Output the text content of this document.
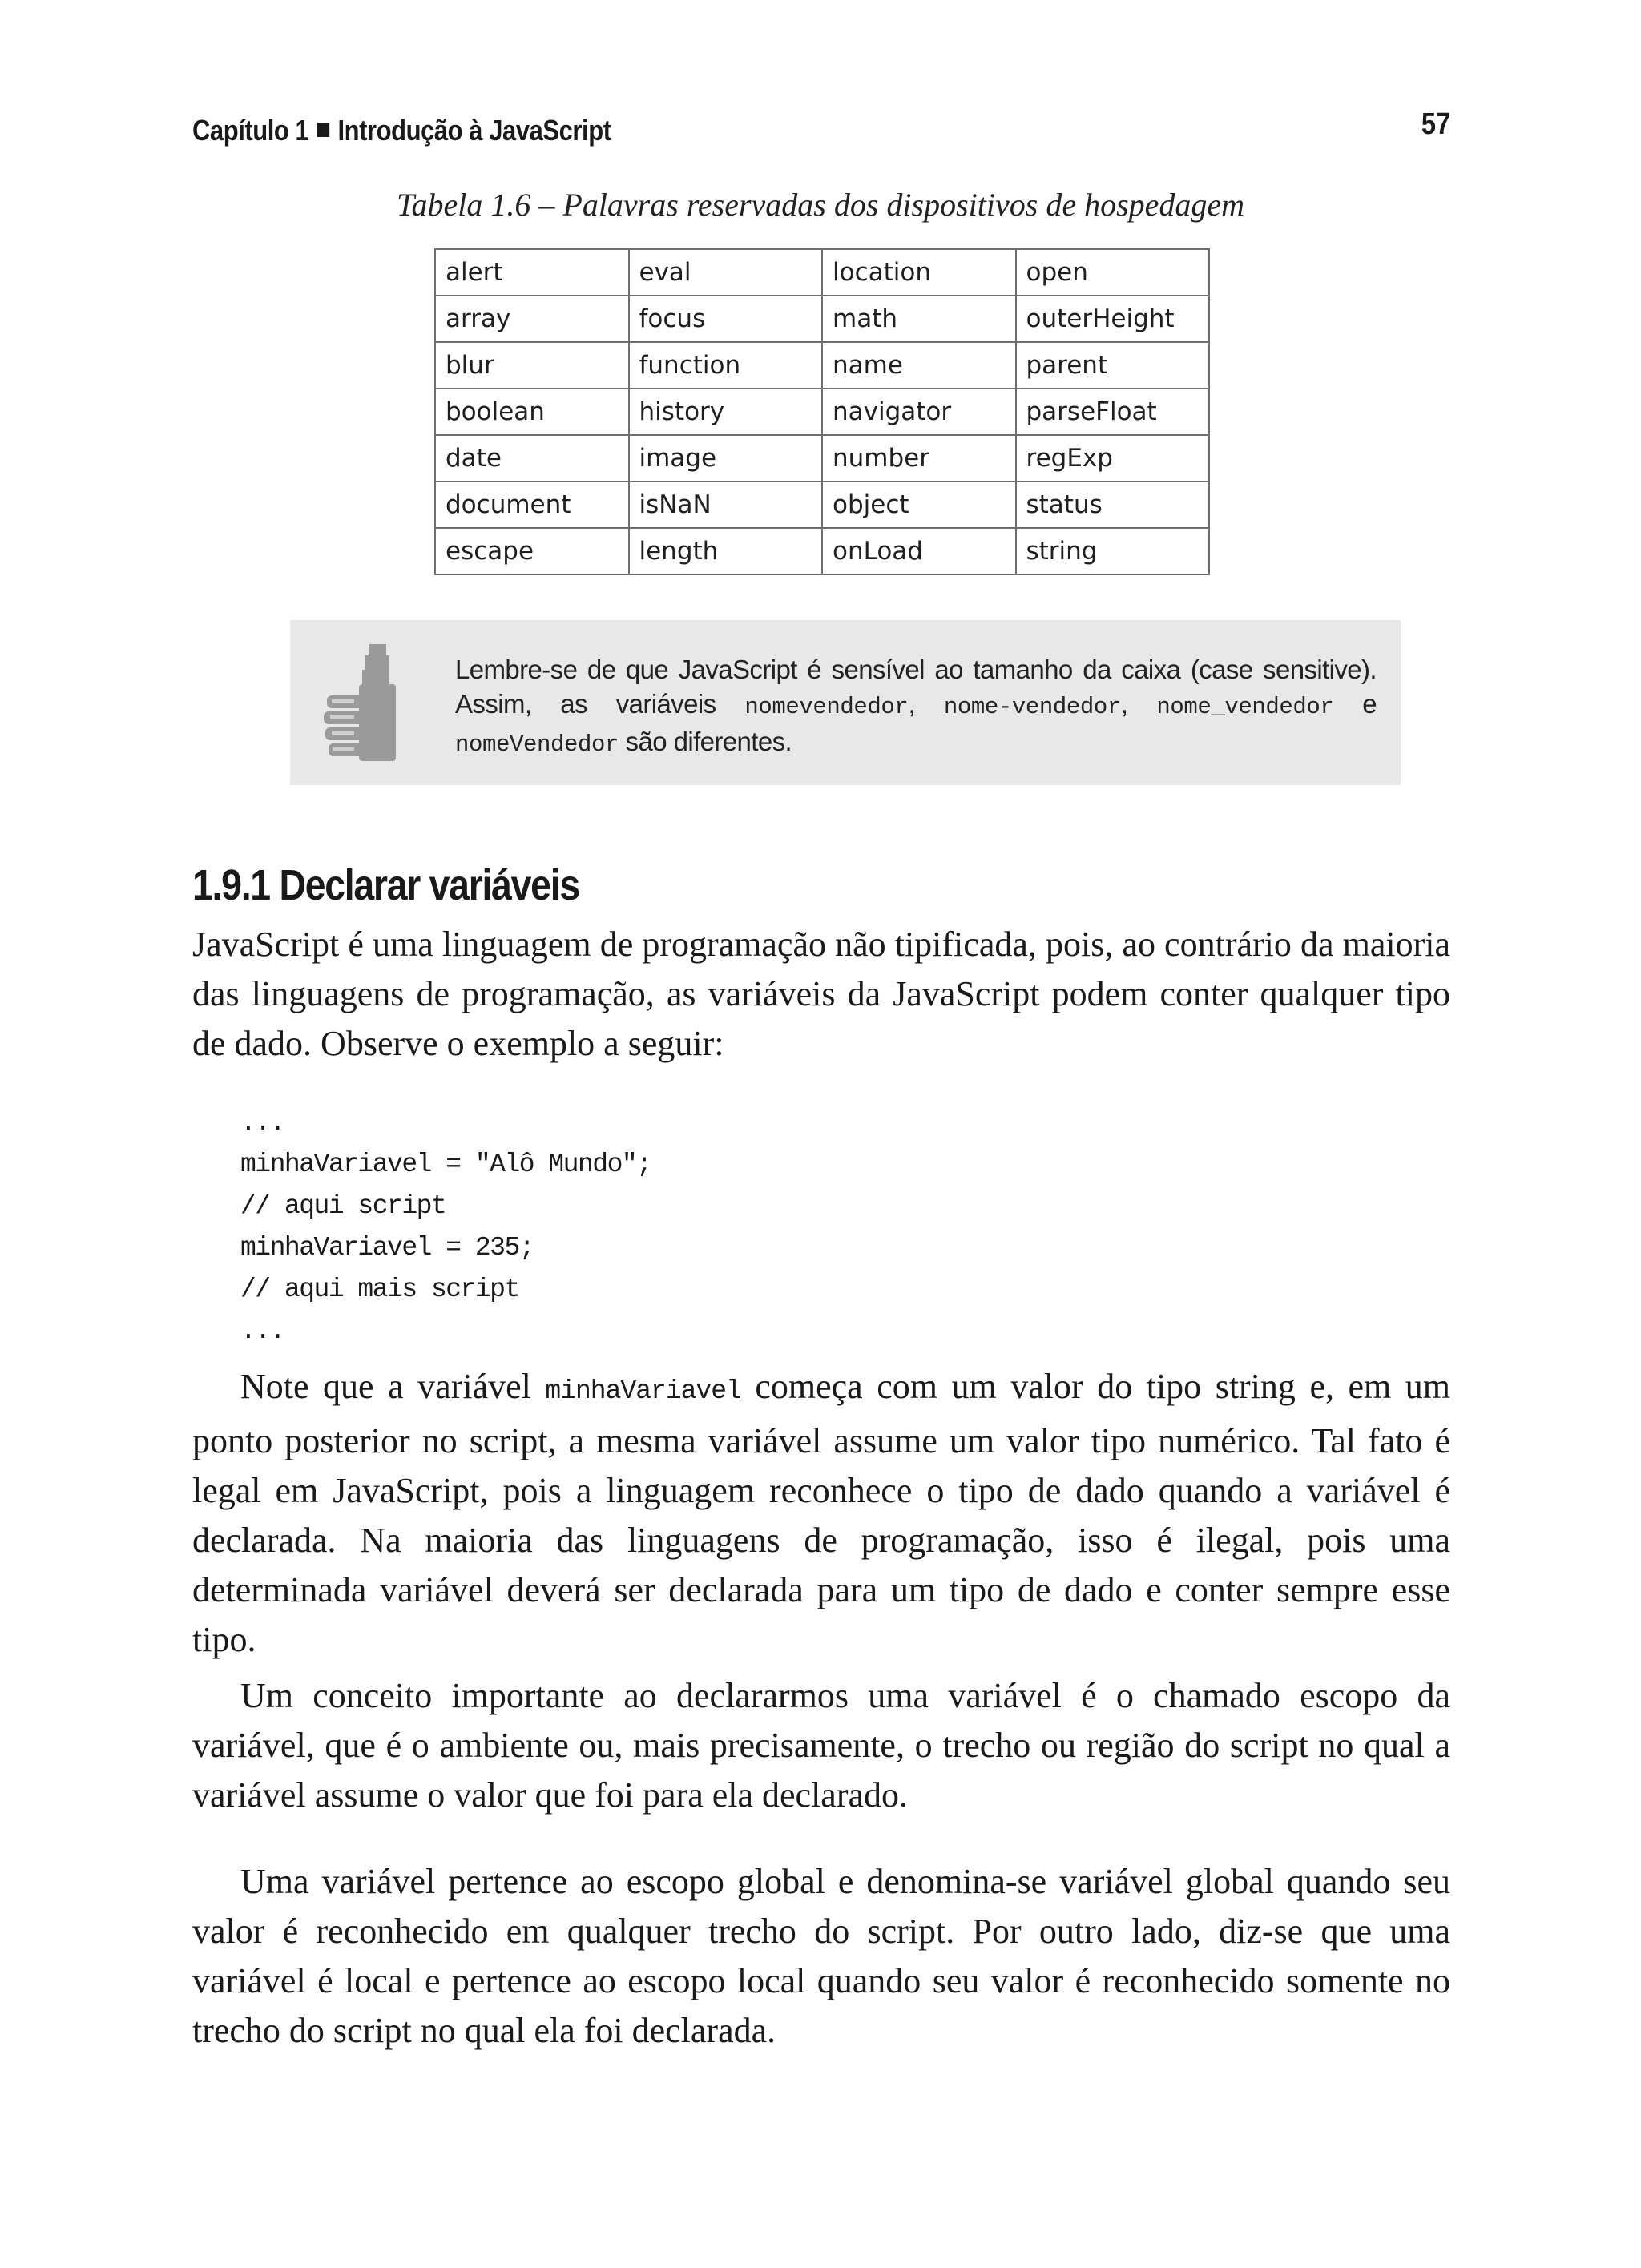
Capítulo 1 Introdução à JavaScript	57
Tabela 1.6 – Palavras reservadas dos dispositivos de hospedagem
alert	eval	location	open
array	focus	math	outerHeight
blur	function	name	parent
boolean	history	navigator	parseFloat
date	image	number	regExp
document	isNaN	object	status
escape	length	onLoad	string
Lembre-se de que JavaScript é sensível ao tamanho da caixa (case sensitive). Assim, as variáveis nomevendedor, nome-vendedor, nome_vendedor e nomeVendedor são diferentes.
1.9.1 Declarar variáveis

JavaScript é uma linguagem de programação não tipificada, pois, ao contrário da maioria das linguagens de programação, as variáveis da JavaScript podem conter qualquer tipo de dado. Observe o exemplo a seguir:

...
minhaVariavel = "Alô Mundo";
// aqui script
minhaVariavel = 235;
// aqui mais script
...

Note que a variável minhaVariavel começa com um valor do tipo string e, em um ponto posterior no script, a mesma variável assume um valor tipo numérico. Tal fato é legal em JavaScript, pois a linguagem reconhece o tipo de dado quando a variável é declarada. Na maioria das linguagens de programação, isso é ilegal, pois uma determinada variável deverá ser declarada para um tipo de dado e conter sempre esse tipo.

Um conceito importante ao declararmos uma variável é o chamado escopo da variável, que é o ambiente ou, mais precisamente, o trecho ou região do script no qual a variável assume o valor que foi para ela declarado.

Uma variável pertence ao escopo global e denomina-se variável global quando seu valor é reconhecido em qualquer trecho do script. Por outro lado, diz-se que uma variável é local e pertence ao escopo local quando seu valor é reconhecido somente no trecho do script no qual ela foi declarada.
